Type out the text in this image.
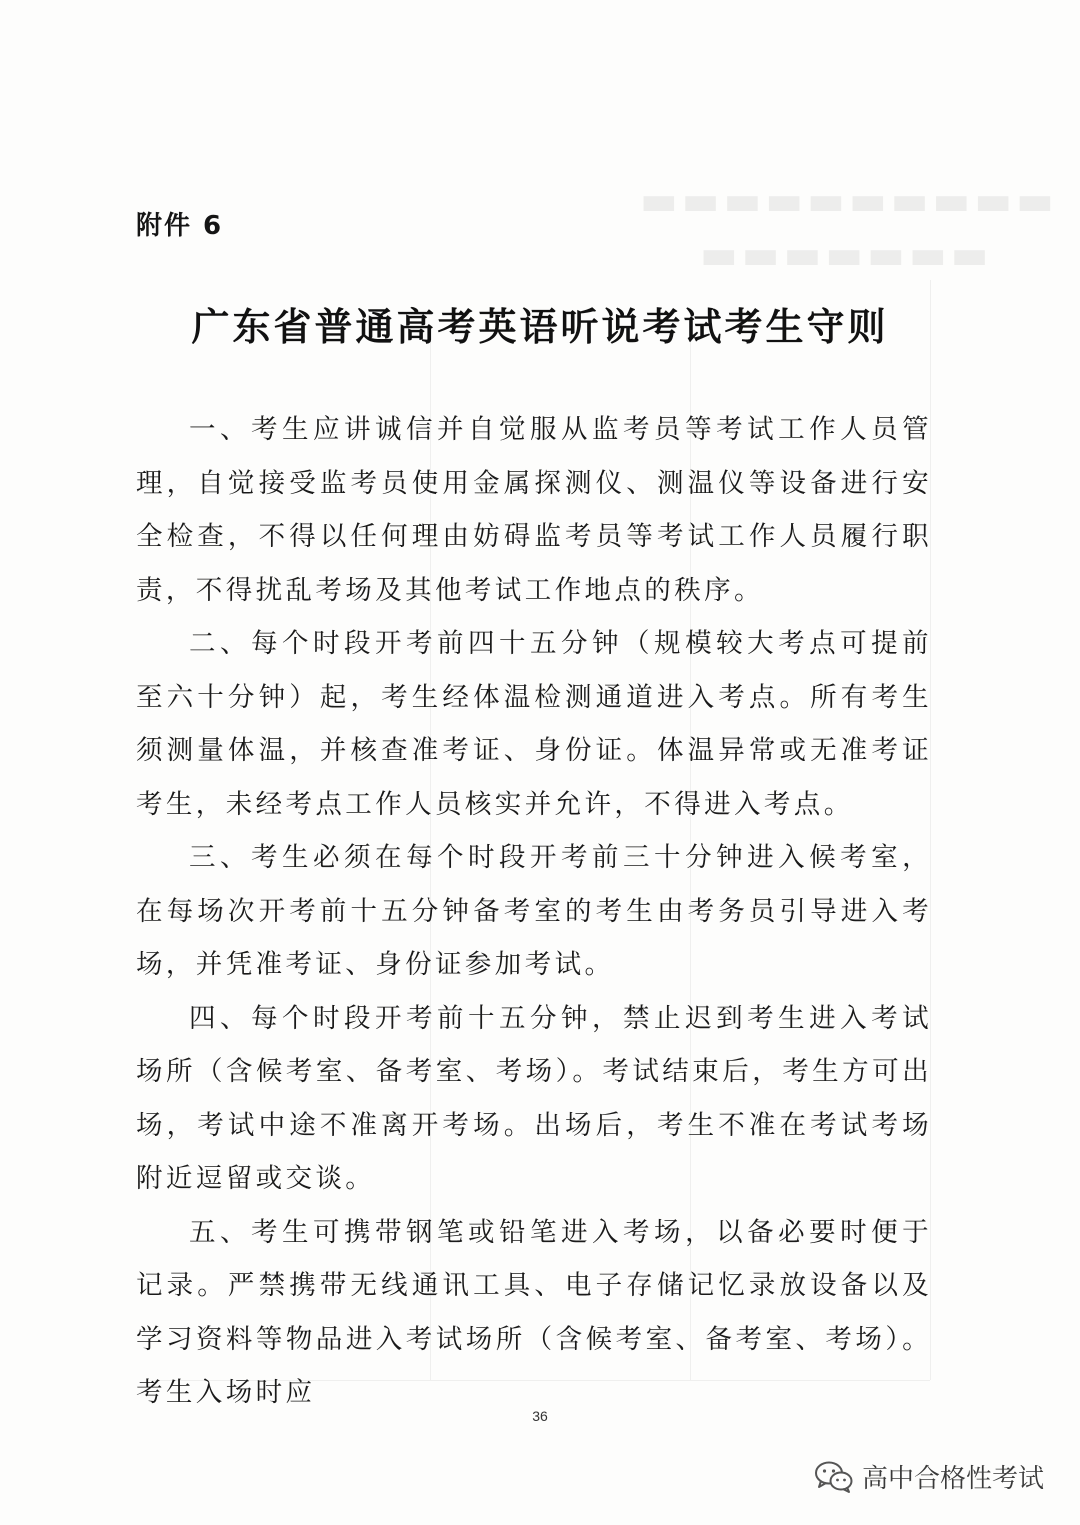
▬▬▬▬▬▬▬▬▬▬
▬▬▬▬▬▬▬
附件 6
广东省普通高考英语听说考试考生守则

一、考生应讲诚信并自觉服从监考员等考试工作人员管理，自觉接受监考员使用金属探测仪、测温仪等设备进行安全检查，不得以任何理由妨碍监考员等考试工作人员履行职责，不得扰乱考场及其他考试工作地点的秩序。

二、每个时段开考前四十五分钟（规模较大考点可提前至六十分钟）起，考生经体温检测通道进入考点。所有考生须测量体温，并核查准考证、身份证。体温异常或无准考证考生，未经考点工作人员核实并允许，不得进入考点。

三、考生必须在每个时段开考前三十分钟进入候考室，在每场次开考前十五分钟备考室的考生由考务员引导进入考场，并凭准考证、身份证参加考试。

四、每个时段开考前十五分钟，禁止迟到考生进入考试场所（含候考室、备考室、考场）。考试结束后，考生方可出场，考试中途不准离开考场。出场后，考生不准在考试考场附近逗留或交谈。

五、考生可携带钢笔或铅笔进入考场，以备必要时便于记录。严禁携带无线通讯工具、电子存储记忆录放设备以及学习资料等物品进入考试场所（含候考室、备考室、考场）。考生入场时应

36
高中合格性考试
